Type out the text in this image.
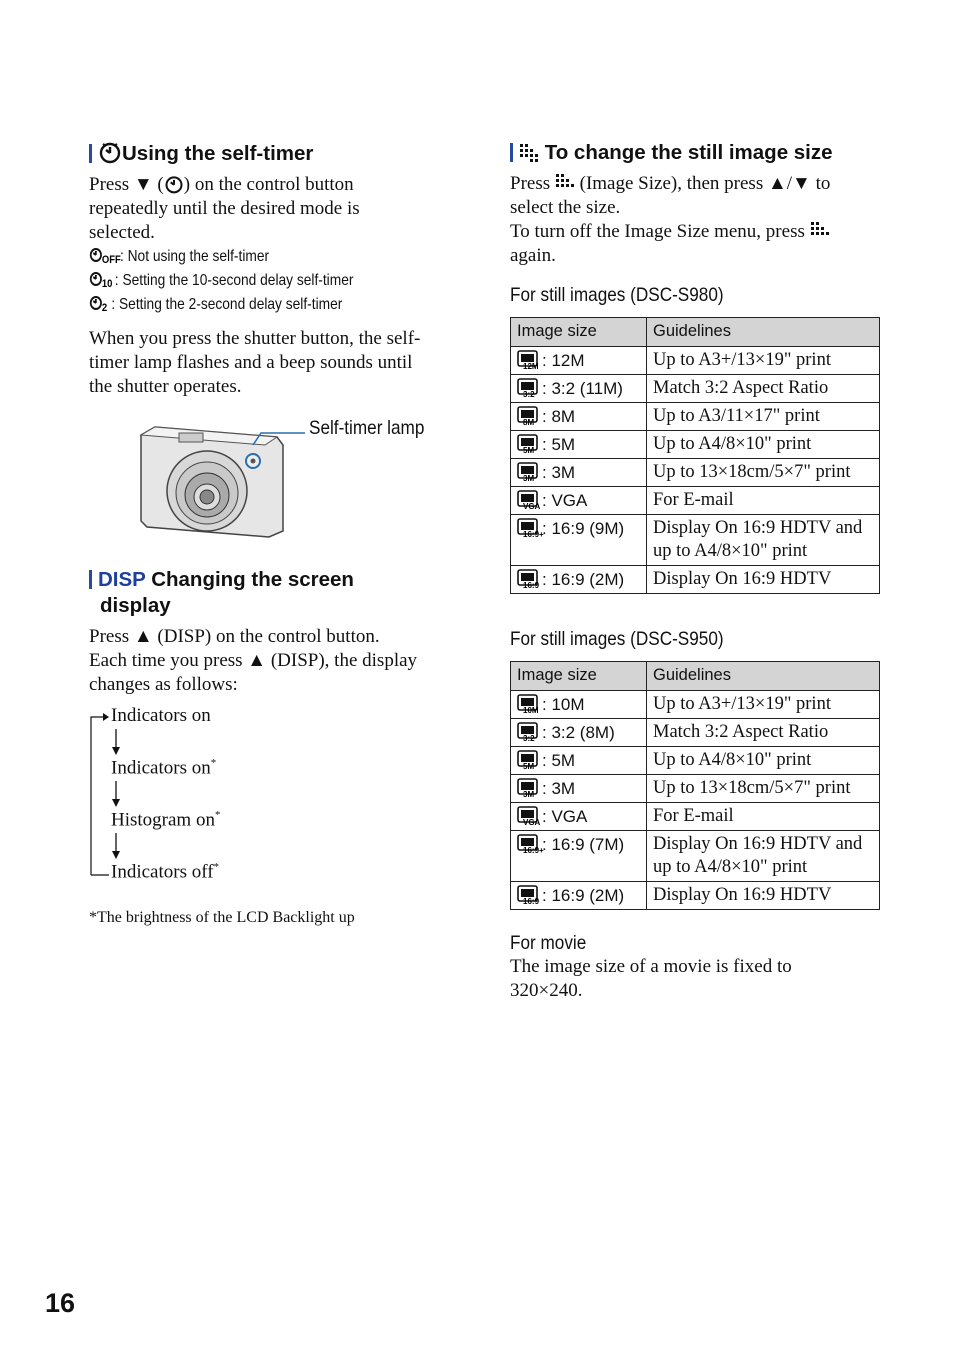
Using the self-timer

Press ▼ ( ) on the control button

repeatedly until the desired mode is

selected.

OFF : Not using the self-timer
10 : Setting the 10-second delay self-timer
2 : Setting the 2-second delay self-timer

When you press the shutter button, the self-

timer lamp flashes and a beep sounds until

the shutter operates.

Self-timer lamp
DISP Changing the screen
display

Press ▲ (DISP) on the control button.

Each time you press ▲ (DISP), the display

changes as follows:

Indicators on
Indicators on*
Histogram on*
Indicators off*
*The brightness of the LCD Backlight up
To change the still image size

Press (Image Size), then press ▲/▼ to

select the size.

To turn off the Image Size menu, press

again.

For still images (DSC-S980)
Image size	Guidelines

12M : 12M	Up to A3+/13×19" print

3:2 : 3:2 (11M)	Match 3:2 Aspect Ratio

8M : 8M	Up to A3/11×17" print

5M : 5M	Up to A4/8×10" print

3M : 3M	Up to 13×18cm/5×7" print

VGA : VGA	For E-mail

16:9+
: 16:9 (9M)	Display On 16:9 HDTV and up to A4/8×10" print

16:9 : 16:9 (2M)	Display On 16:9 HDTV
For still images (DSC-S950)
Image size	Guidelines

10M : 10M	Up to A3+/13×19" print

3:2 : 3:2 (8M)	Match 3:2 Aspect Ratio

5M : 5M	Up to A4/8×10" print

3M : 3M	Up to 13×18cm/5×7" print

VGA : VGA	For E-mail

16:9+
: 16:9 (7M)	Display On 16:9 HDTV and up to A4/8×10" print

16:9 : 16:9 (2M)	Display On 16:9 HDTV
For movie

The image size of a movie is fixed to

320×240.

16
